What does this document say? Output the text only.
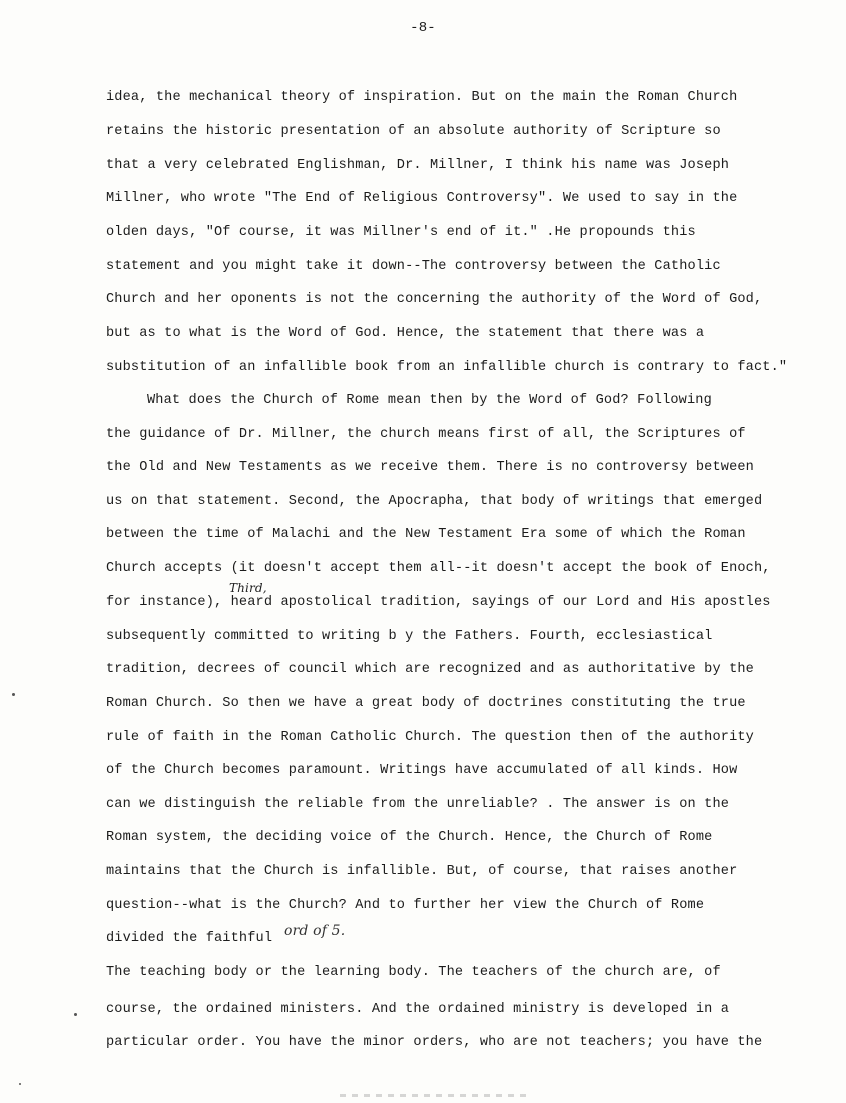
-8-
idea, the mechanical theory of inspiration. But on the main the Roman Church
retains the historic presentation of an absolute authority of Scripture so
that a very celebrated Englishman, Dr. Millner, I think his name was Joseph
Millner, who wrote "The End of Religious Controversy". We used to say in the
olden days, "Of course, it was Millner's end of it." .He propounds this
statement and you might take it down--The controversy between the Catholic
Church and her oponents is not the concerning the authority of the Word of God,
but as to what is the Word of God. Hence, the statement that there was a
substitution of an infallible book from an infallible church is contrary to fact."
What does the Church of Rome mean then by the Word of God? Following
the guidance of Dr. Millner, the church means first of all, the Scriptures of
the Old and New Testaments as we receive them. There is no controversy between
us on that statement. Second, the Apocrapha, that body of writings that emerged
between the time of Malachi and the New Testament Era some of which the Roman
Church accepts (it doesn't accept them all--it doesn't accept the book of Enoch,
Third,
for instance), heard apostolical tradition, sayings of our Lord and His apostles
subsequently committed to writing b y the Fathers. Fourth, ecclesiastical
tradition, decrees of council which are recognized and as authoritative by the
Roman Church. So then we have a great body of doctrines constituting the true
rule of faith in the Roman Catholic Church. The question then of the authority
of the Church becomes paramount. Writings have accumulated of all kinds. How
can we distinguish the reliable from the unreliable? . The answer is on the
Roman system, the deciding voice of the Church. Hence, the Church of Rome
maintains that the Church is infallible. But, of course, that raises another
question--what is the Church? And to further her view the Church of Rome
divided the faithful ord of 5.
The teaching body or the learning body. The teachers of the church are, of
course, the ordained ministers. And the ordained ministry is developed in a
particular order. You have the minor orders, who are not teachers; you have the
